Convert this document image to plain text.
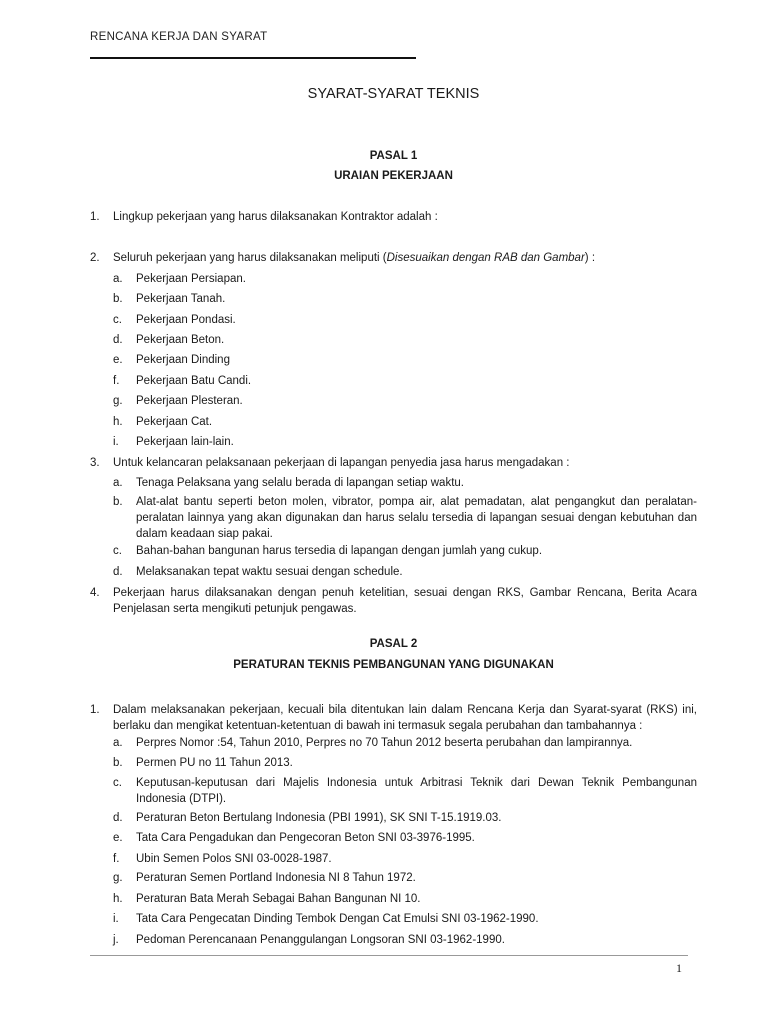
RENCANA KERJA DAN SYARAT
SYARAT-SYARAT TEKNIS
PASAL 1
URAIAN PEKERJAAN
1. Lingkup pekerjaan yang harus dilaksanakan Kontraktor adalah :
2. Seluruh pekerjaan yang harus dilaksanakan meliputi (Disesuaikan dengan RAB dan Gambar) :
a. Pekerjaan Persiapan.
b. Pekerjaan Tanah.
c. Pekerjaan Pondasi.
d. Pekerjaan Beton.
e. Pekerjaan Dinding
f. Pekerjaan Batu Candi.
g. Pekerjaan Plesteran.
h. Pekerjaan Cat.
i. Pekerjaan lain-lain.
3. Untuk kelancaran pelaksanaan pekerjaan di lapangan penyedia jasa harus mengadakan :
a. Tenaga Pelaksana yang selalu berada di lapangan setiap waktu.
b. Alat-alat bantu seperti beton molen, vibrator, pompa air, alat pemadatan, alat pengangkut dan peralatan-peralatan lainnya yang akan digunakan dan harus selalu tersedia di lapangan sesuai dengan kebutuhan dan dalam keadaan siap pakai.
c. Bahan-bahan bangunan harus tersedia di lapangan dengan jumlah yang cukup.
d. Melaksanakan tepat waktu sesuai dengan schedule.
4. Pekerjaan harus dilaksanakan dengan penuh ketelitian, sesuai dengan RKS, Gambar Rencana, Berita Acara Penjelasan serta mengikuti petunjuk pengawas.
PASAL 2
PERATURAN TEKNIS PEMBANGUNAN YANG DIGUNAKAN
1. Dalam melaksanakan pekerjaan, kecuali bila ditentukan lain dalam Rencana Kerja dan Syarat-syarat (RKS) ini, berlaku dan mengikat ketentuan-ketentuan di bawah ini termasuk segala perubahan dan tambahannya :
a. Perpres Nomor :54, Tahun 2010, Perpres no 70 Tahun 2012 beserta perubahan dan lampirannya.
b. Permen PU no 11 Tahun 2013.
c. Keputusan-keputusan dari Majelis Indonesia untuk Arbitrasi Teknik dari Dewan Teknik Pembangunan Indonesia (DTPI).
d. Peraturan Beton Bertulang Indonesia (PBI 1991), SK SNI T-15.1919.03.
e. Tata Cara Pengadukan dan Pengecoran Beton SNI 03-3976-1995.
f. Ubin Semen Polos SNI 03-0028-1987.
g. Peraturan Semen Portland Indonesia NI 8 Tahun 1972.
h. Peraturan Bata Merah Sebagai Bahan Bangunan NI 10.
i. Tata Cara Pengecatan Dinding Tembok Dengan Cat Emulsi SNI 03-1962-1990.
j. Pedoman Perencanaan Penanggulangan Longsoran SNI 03-1962-1990.
1
